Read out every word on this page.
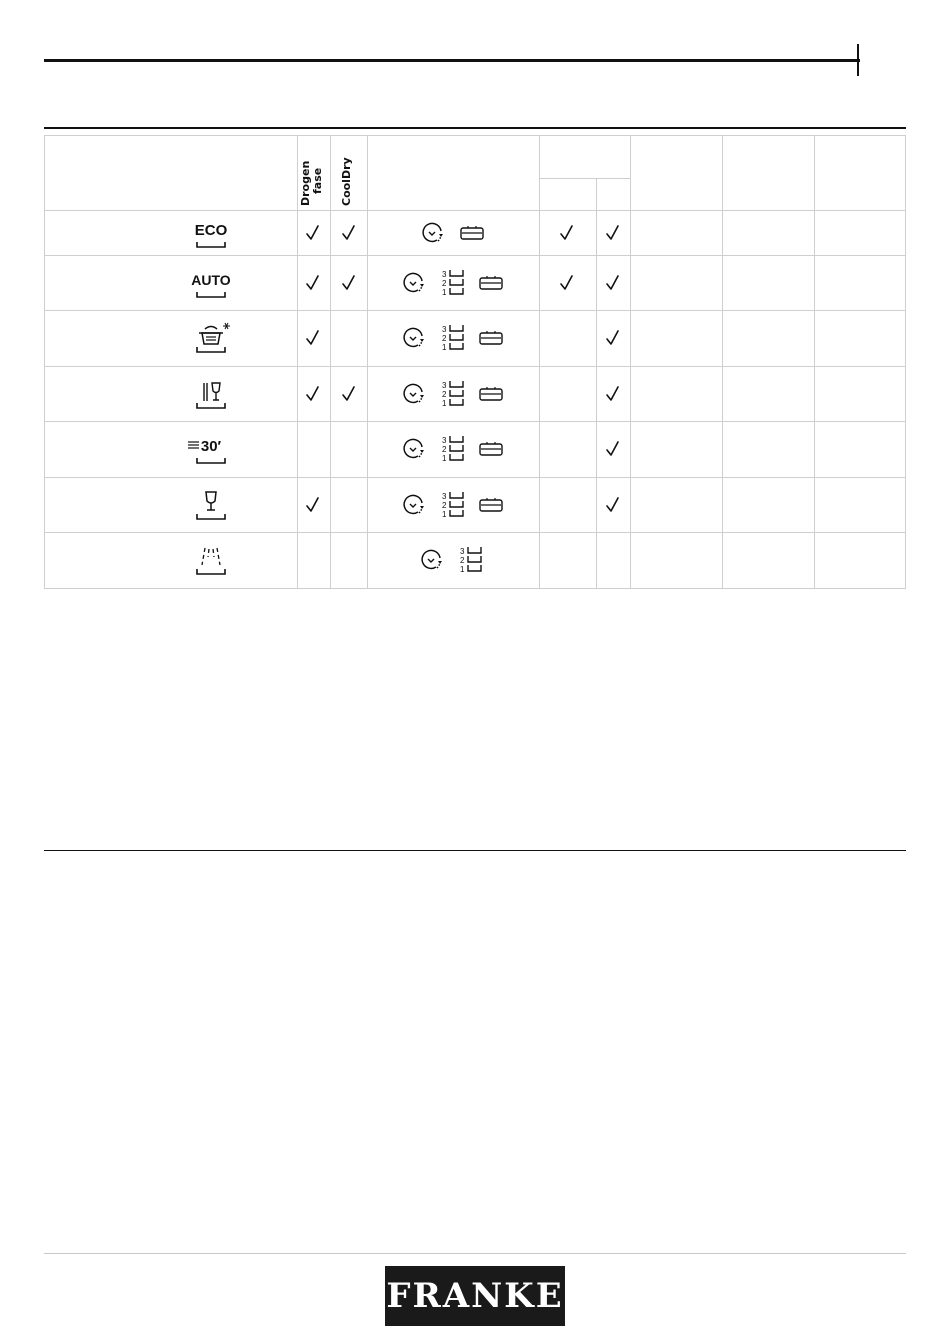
Drogen fase CoolDry
ECO
AUTO	3
2
1
3
2
1
3
2
1
30′	3
2
1
3
2
1
3
2
1
FRANKE
